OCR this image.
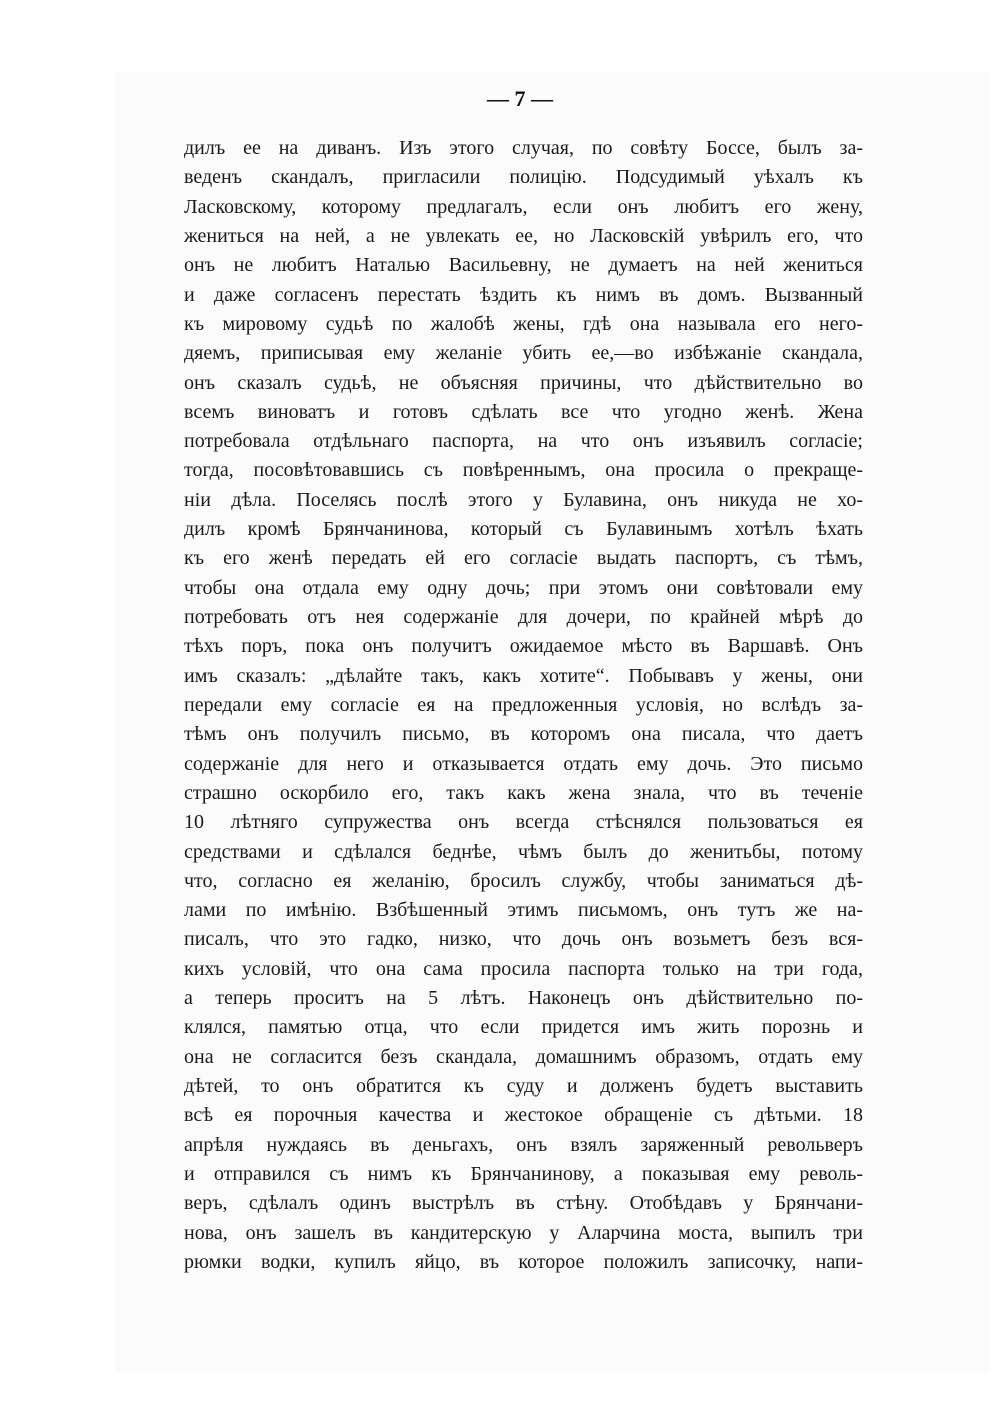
— 7 —
дилъ ее на диванъ. Изъ этого случая, по совѣту Боссе, былъ за-
веденъ скандалъ, пригласили полицію. Подсудимый уѣхалъ къ
Ласковскому, которому предлагалъ, если онъ любитъ его жену,
жениться на ней, а не увлекать ее, но Ласковскій увѣрилъ его, что
онъ не любитъ Наталью Васильевну, не думаетъ на ней жениться
и даже согласенъ перестать ѣздить къ нимъ въ домъ. Вызванный
къ мировому судьѣ по жалобѣ жены, гдѣ она называла его него-
дяемъ, приписывая ему желаніе убить ее,—во избѣжаніе скандала,
онъ сказалъ судьѣ, не объясняя причины, что дѣйствительно во
всемъ виноватъ и готовъ сдѣлать все что угодно женѣ. Жена
потребовала отдѣльнаго паспорта, на что онъ изъявилъ согласіе;
тогда, посовѣтовавшись съ повѣреннымъ, она просила о прекраще-
ніи дѣла. Поселясь послѣ этого у Булавина, онъ никуда не хо-
дилъ кромѣ Брянчанинова, который съ Булавинымъ хотѣлъ ѣхать
къ его женѣ передать ей его согласіе выдать паспортъ, съ тѣмъ,
чтобы она отдала ему одну дочь; при этомъ они совѣтовали ему
потребовать отъ нея содержаніе для дочери, по крайней мѣрѣ до
тѣхъ поръ, пока онъ получитъ ожидаемое мѣсто въ Варшавѣ. Онъ
имъ сказалъ: „дѣлайте такъ, какъ хотите“. Побывавъ у жены, они
передали ему согласіе ея на предложенныя условія, но вслѣдъ за-
тѣмъ онъ получилъ письмо, въ которомъ она писала, что даетъ
содержаніе для него и отказывается отдать ему дочь. Это письмо
страшно оскорбило его, такъ какъ жена знала, что въ теченіе
10 лѣтняго супружества онъ всегда стѣснялся пользоваться ея
средствами и сдѣлался беднѣе, чѣмъ былъ до женитьбы, потому
что, согласно ея желанію, бросилъ службу, чтобы заниматься дѣ-
лами по имѣнію. Взбѣшенный этимъ письмомъ, онъ тутъ же на-
писалъ, что это гадко, низко, что дочь онъ возьметъ безъ вся-
кихъ условій, что она сама просила паспорта только на три года,
а теперь проситъ на 5 лѣтъ. Наконецъ онъ дѣйствительно по-
клялся, памятью отца, что если придется имъ жить порознь и
она не согласится безъ скандала, домашнимъ образомъ, отдать ему
дѣтей, то онъ обратится къ суду и долженъ будетъ выставить
всѣ ея порочныя качества и жестокое обращеніе съ дѣтьми. 18
апрѣля нуждаясь въ деньгахъ, онъ взялъ заряженный револьверъ
и отправился съ нимъ къ Брянчанинову, а показывая ему револь-
веръ, сдѣлалъ одинъ выстрѣлъ въ стѣну. Отобѣдавъ у Брянчани-
нова, онъ зашелъ въ кандитерскую у Аларчина моста, выпилъ три
рюмки водки, купилъ яйцо, въ которое положилъ записочку, напи-
